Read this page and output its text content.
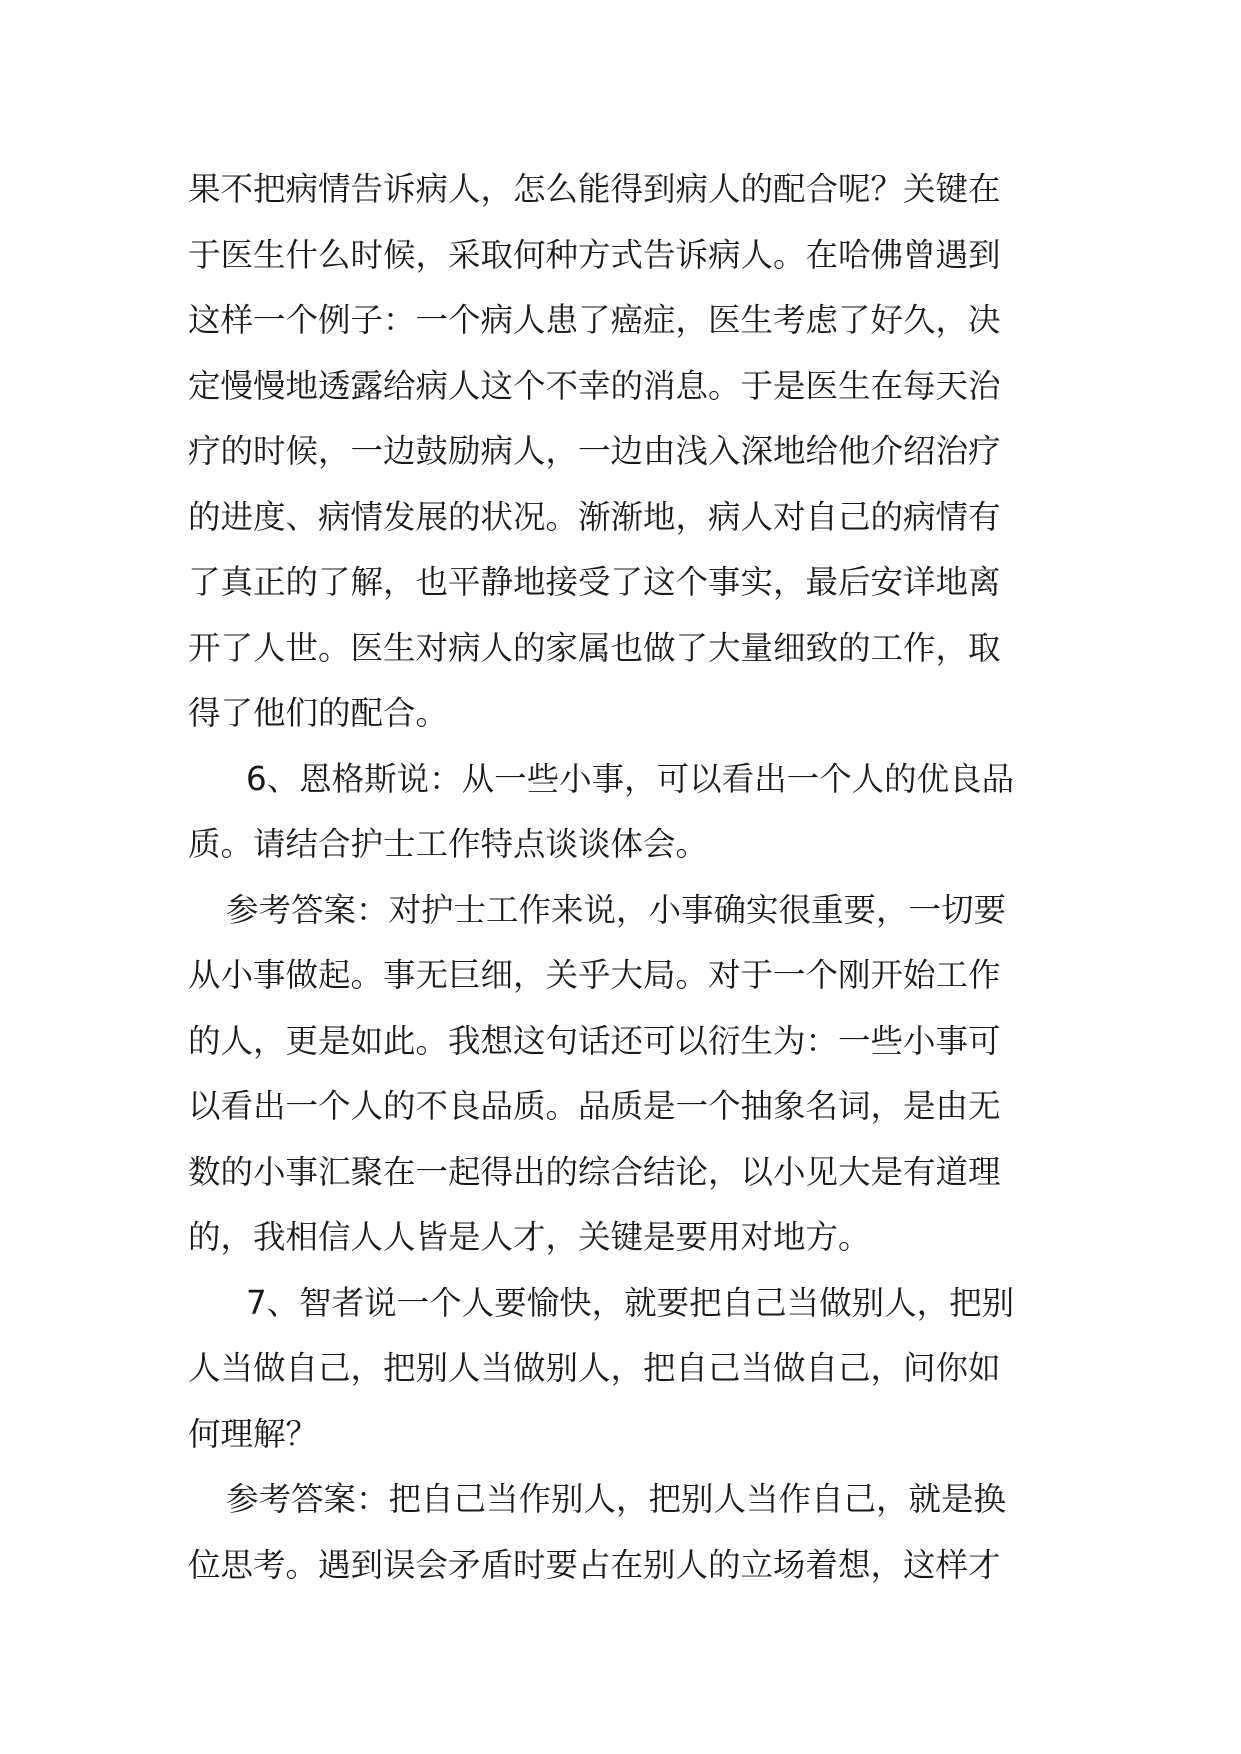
果不把病情告诉病人，怎么能得到病人的配合呢？关键在
于医生什么时候，采取何种方式告诉病人。在哈佛曾遇到
这样一个例子：一个病人患了癌症，医生考虑了好久，决
定慢慢地透露给病人这个不幸的消息。于是医生在每天治
疗的时候，一边鼓励病人，一边由浅入深地给他介绍治疗
的进度、病情发展的状况。渐渐地，病人对自己的病情有
了真正的了解，也平静地接受了这个事实，最后安详地离
开了人世。医生对病人的家属也做了大量细致的工作，取
得了他们的配合。
6、恩格斯说：从一些小事，可以看出一个人的优良品
质。请结合护士工作特点谈谈体会。
参考答案：对护士工作来说，小事确实很重要，一切要
从小事做起。事无巨细，关乎大局。对于一个刚开始工作
的人，更是如此。我想这句话还可以衍生为：一些小事可
以看出一个人的不良品质。品质是一个抽象名词，是由无
数的小事汇聚在一起得出的综合结论，以小见大是有道理
的，我相信人人皆是人才，关键是要用对地方。
7、智者说一个人要愉快，就要把自己当做别人，把别
人当做自己，把别人当做别人，把自己当做自己，问你如
何理解？
参考答案：把自己当作别人，把别人当作自己，就是换
位思考。遇到误会矛盾时要占在别人的立场着想，这样才
